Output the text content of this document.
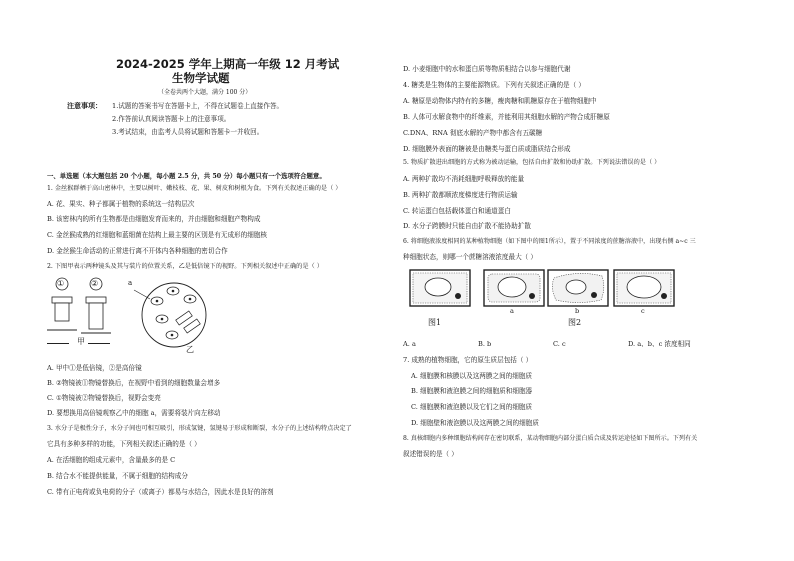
2024-2025 学年上期高一年级 12 月考试
生物学试题
（全卷共两个大题，满分 100 分）
注意事项： 1.试题的答案书写在答题卡上，不得在试题卷上直接作答。
2.作答前认真阅读答题卡上的注意事项。
3.考试结束，由监考人员将试题和答题卡一并收回。
一、单选题（本大题包括 20 个小题，每小题 2.5 分，共 50 分）每小题只有一个选项符合题意。
1. 金丝猴群栖于高山密林中，主要以树叶、嫩枝枝、花、果、树皮和树根为食。下列有关叙述正确的是（ ）
A. 花、果实、种子都属于植物的系统这一结构层次
B. 该密林内的所有生物都是由细胞发育而来的，并由细胞和细胞产物构成
C. 金丝猴成熟的红细胞和蓝细菌在结构上最主要的区别是有无成形的细胞核
D. 金丝猴生命活动的正常进行离不开体内各种细胞的密切合作
2. 下图甲表示两种镜头及其与装片的位置关系，乙是低倍镜下的视野。下列相关叙述中正确的是（ ）
①	②	a
甲
乙
A. 甲中①是低倍镜，②是高倍镜
B. ②物镜被①物镜替换后，在视野中看到的细胞数量会增多
C. ①物镜被②物镜替换后，视野会变亮
D. 要想换用高倍镜观察乙中的细胞 a，需要将装片向左移动
3. 水分子是极性分子，水分子间也可相互吸引，形成氢键，氢键易于形成和断裂，水分子的上述结构特点决定了
它具有多种多样的功能，下列相关叙述正确的是（ ）
A. 在活细胞的组成元素中，含量最多的是 C
B. 结合水不能提供能量，不属于细胞的结构成分
C. 带有正电荷或负电荷的分子（或离子）都易与水结合，因此水是良好的溶剂
D. 小麦细胞中的水和蛋白质等物质相结合以参与细胞代谢
4. 糖类是生物体的主要能源物质。下列有关叙述正确的是（ ）
A. 糖原是动物体内特有的多糖，瘦肉糖和肌糖原存在于植物细胞中
B. 人体可水解食物中的纤维素，并能利用其细胞水解的产物合成肝糖原
C.DNA、RNA 彻底水解的产物中都含有五碳糖
D. 细胞膜外表面的糖被是由糖类与蛋白质或脂质结合形成
5. 物质扩散进出细胞的方式称为被动运输，包括自由扩散和协助扩散。下列说法错误的是（ ）
A. 两种扩散均不消耗细胞呼吸释放的能量
B. 两种扩散都顺浓度梯度进行物质运输
C. 转运蛋白包括载体蛋白和通道蛋白
D. 水分子跨膜时只能自由扩散不能协助扩散
6. 将细胞液浓度相同的某种植物细胞（如下图中的图1所示），置于不同浓度的蔗糖溶液中，出现右侧 a~c 三
种细胞状态，则哪一个蔗糖溶液浓度最大（ ）
a	b	c
图1	图2
A. a	B. b	C. c	D. a、b、c 浓度相同
7. 成熟的植物细胞，它的原生质层包括（ ）
A. 细胞膜和核膜以及这两膜之间的细胞质
B. 细胞膜和液泡膜之间的细胞质和细胞器
C. 细胞膜和液泡膜以及它们之间的细胞质
D. 细胞壁和液泡膜以及这两膜之间的细胞质
8. 真核细胞内多种细胞结构间存在密切联系，某动物细胞内部分蛋白质合成及转运途径如下图所示。下列有关
叙述错误的是（ ）
